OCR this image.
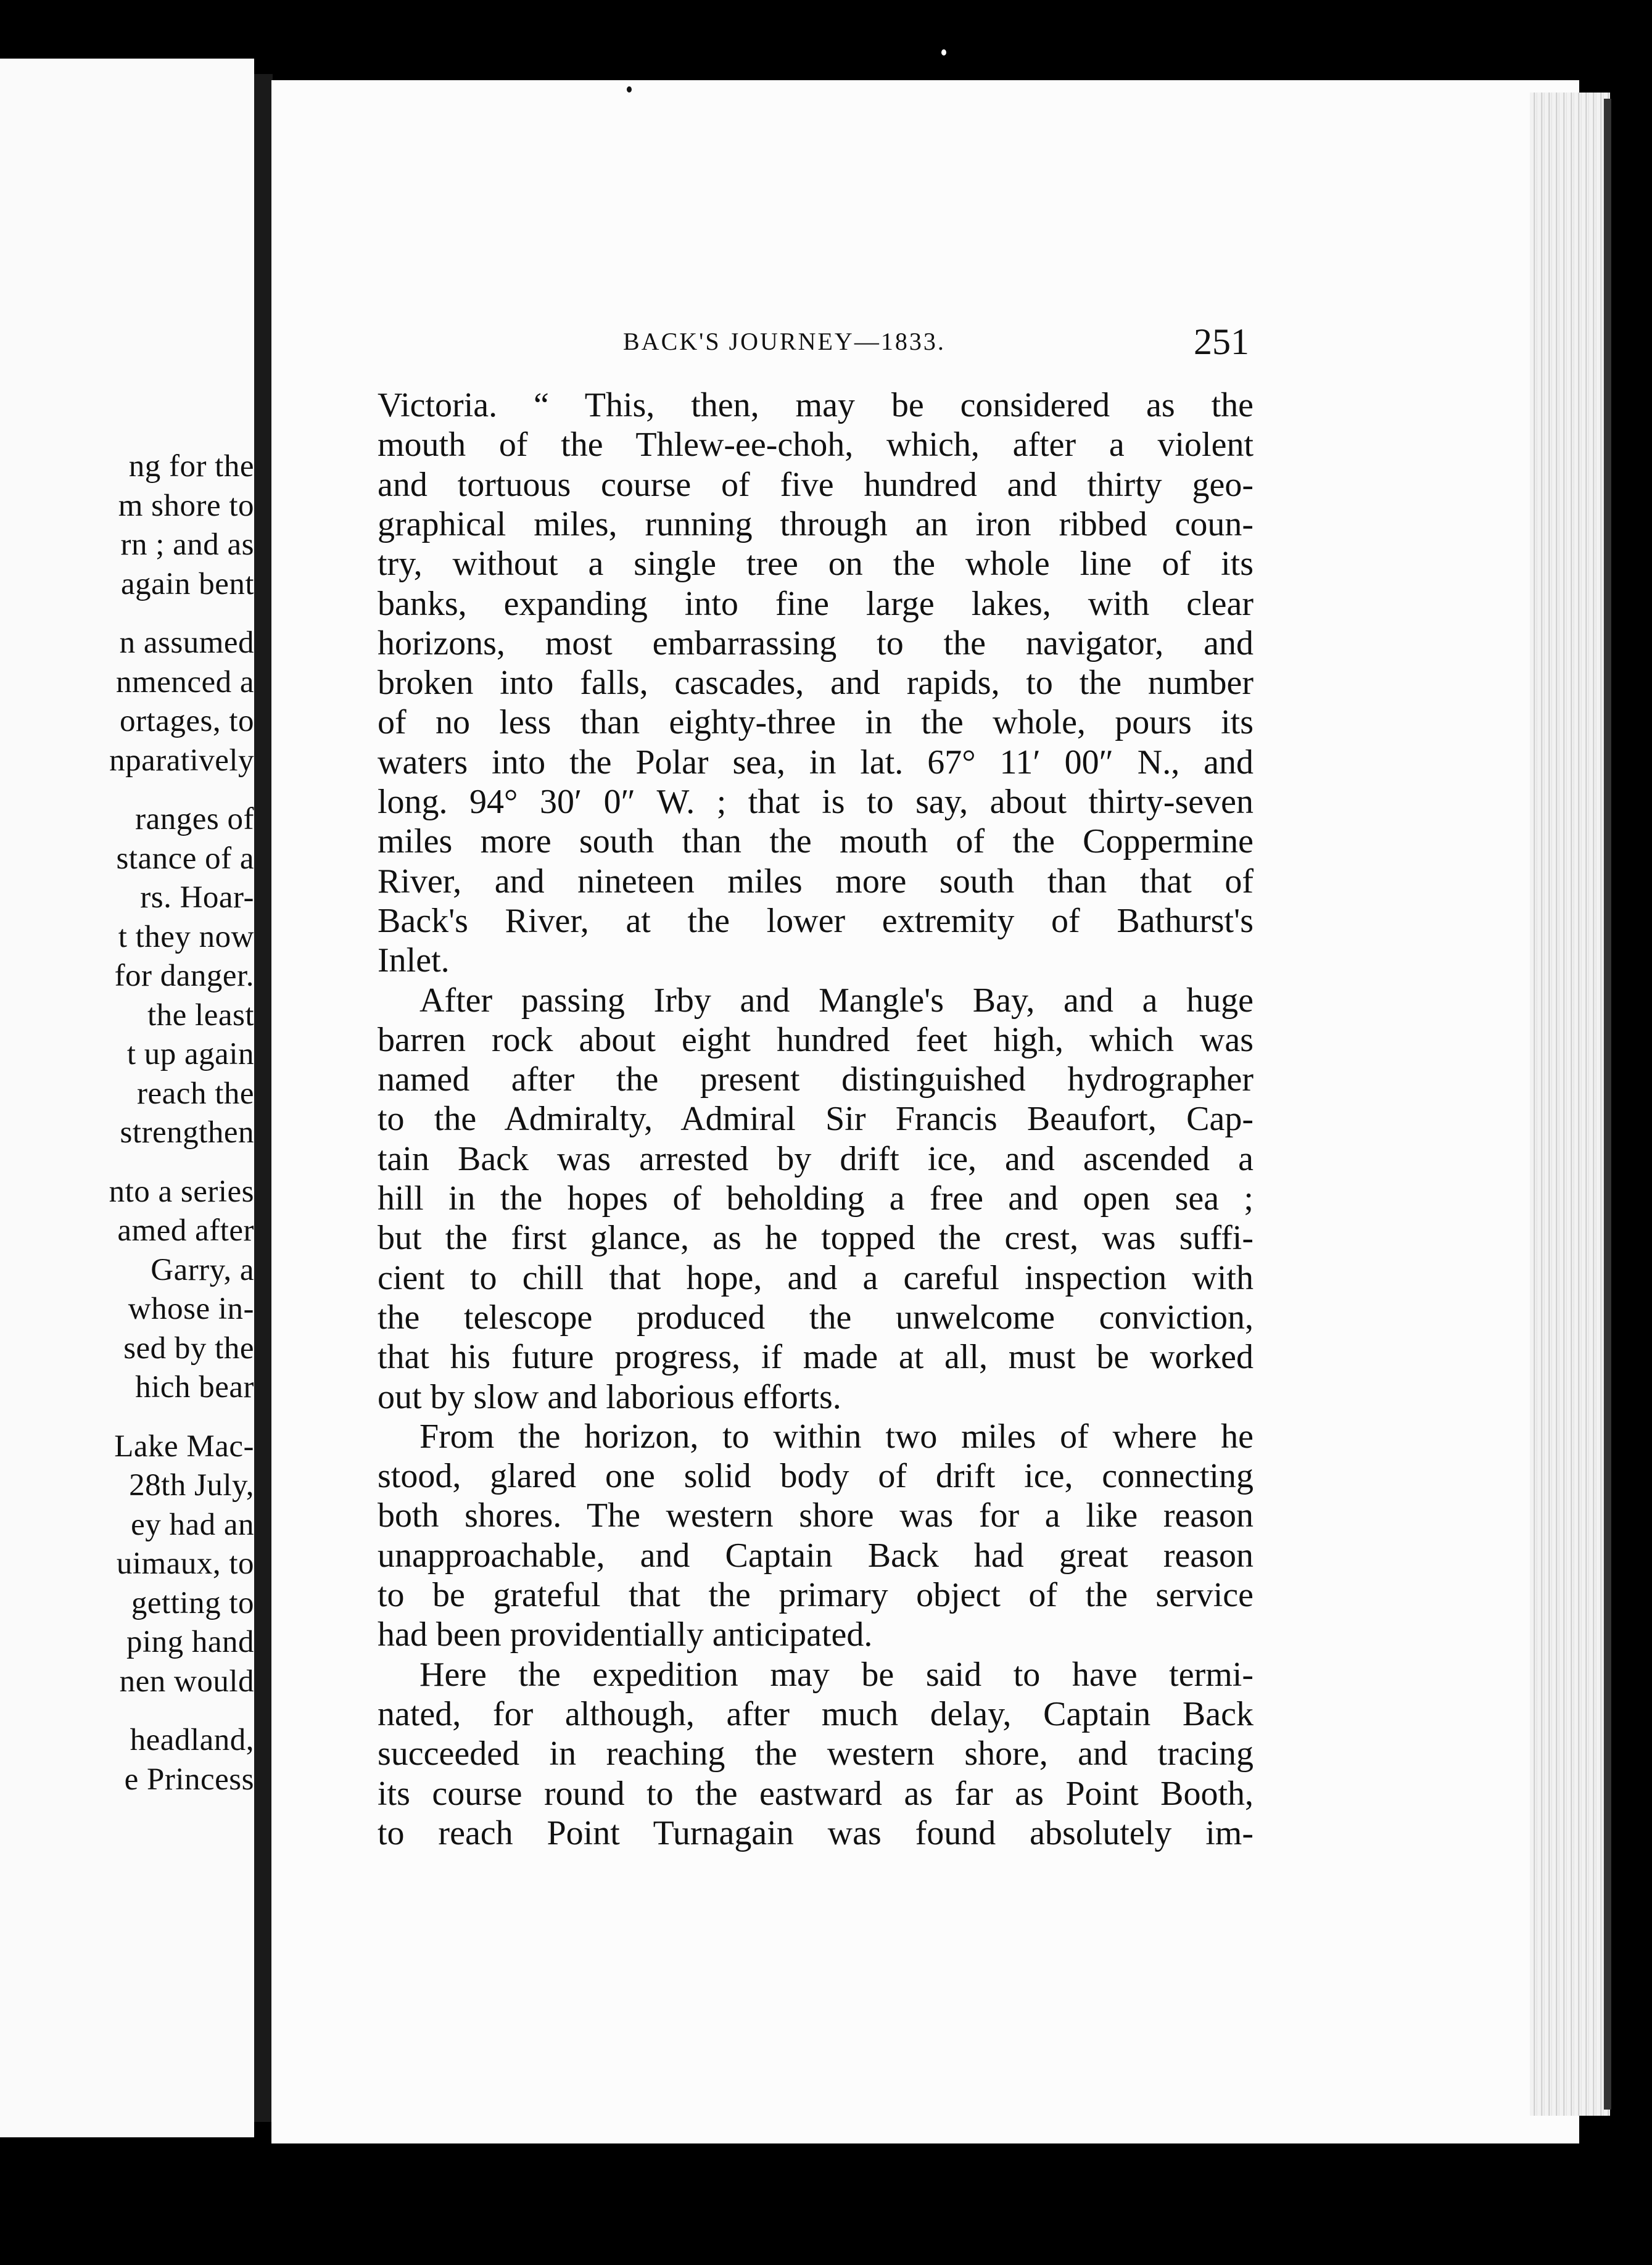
ng for the
m shore to
rn ; and as
again bent
n assumed
nmenced a
ortages, to
nparatively
ranges of
stance of a
rs. Hoar-
t they now
for danger.
the least
t up again
reach the
strengthen
nto a series
amed after
Garry, a
whose in-
sed by the
hich bear
Lake Mac-
28th July,
ey had an
uimaux, to
getting to
ping hand
nen would
headland,
e Princess
BACK'S JOURNEY—1833.	251
Victoria. “ This, then, may be considered as the
mouth of the Thlew-ee-choh, which, after a violent
and tortuous course of five hundred and thirty geo-
graphical miles, running through an iron ribbed coun-
try, without a single tree on the whole line of its
banks, expanding into fine large lakes, with clear
horizons, most embarrassing to the navigator, and
broken into falls, cascades, and rapids, to the number
of no less than eighty-three in the whole, pours its
waters into the Polar sea, in lat. 67° 11′ 00″ N., and
long. 94° 30′ 0″ W. ; that is to say, about thirty-seven
miles more south than the mouth of the Coppermine
River, and nineteen miles more south than that of
Back's River, at the lower extremity of Bathurst's
Inlet.
After passing Irby and Mangle's Bay, and a huge
barren rock about eight hundred feet high, which was
named after the present distinguished hydrographer
to the Admiralty, Admiral Sir Francis Beaufort, Cap-
tain Back was arrested by drift ice, and ascended a
hill in the hopes of beholding a free and open sea ;
but the first glance, as he topped the crest, was suffi-
cient to chill that hope, and a careful inspection with
the telescope produced the unwelcome conviction,
that his future progress, if made at all, must be worked
out by slow and laborious efforts.
From the horizon, to within two miles of where he
stood, glared one solid body of drift ice, connecting
both shores. The western shore was for a like reason
unapproachable, and Captain Back had great reason
to be grateful that the primary object of the service
had been providentially anticipated.
Here the expedition may be said to have termi-
nated, for although, after much delay, Captain Back
succeeded in reaching the western shore, and tracing
its course round to the eastward as far as Point Booth,
to reach Point Turnagain was found absolutely im-
